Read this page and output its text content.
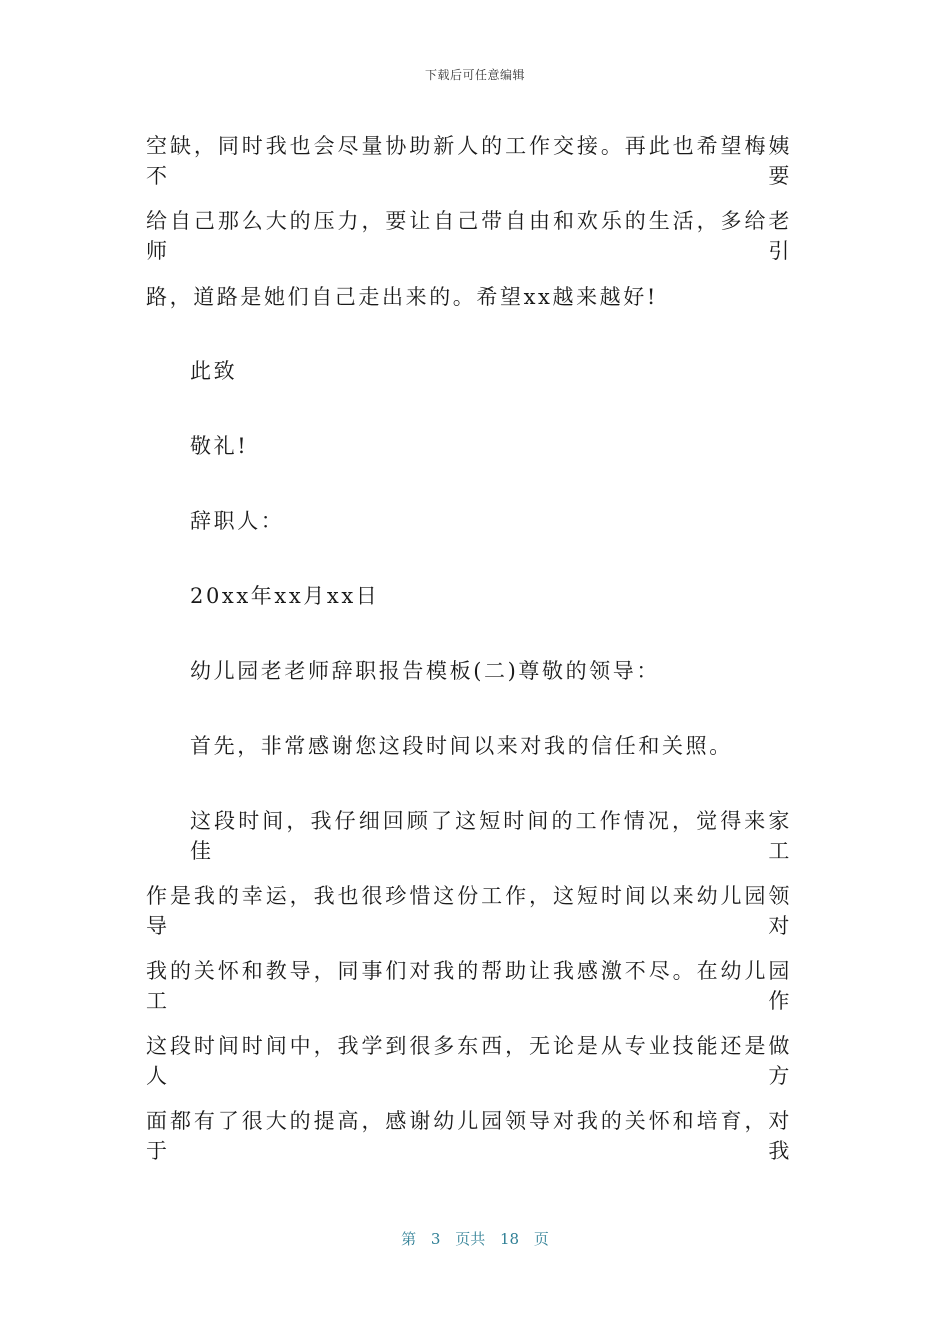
下载后可任意编辑
空缺，同时我也会尽量协助新人的工作交接。再此也希望梅姨不要
给自己那么大的压力，要让自己带自由和欢乐的生活，多给老师引
路，道路是她们自己走出来的。希望xx越来越好!
此致
敬礼!
辞职人：
20xx年xx月xx日
幼儿园老老师辞职报告模板(二)尊敬的领导：
首先，非常感谢您这段时间以来对我的信任和关照。
这段时间，我仔细回顾了这短时间的工作情况，觉得来家佳工
作是我的幸运，我也很珍惜这份工作，这短时间以来幼儿园领导对
我的关怀和教导，同事们对我的帮助让我感激不尽。在幼儿园工作
这段时间时间中，我学到很多东西，无论是从专业技能还是做人方
面都有了很大的提高，感谢幼儿园领导对我的关怀和培育，对于我
第 3 页共 18 页
